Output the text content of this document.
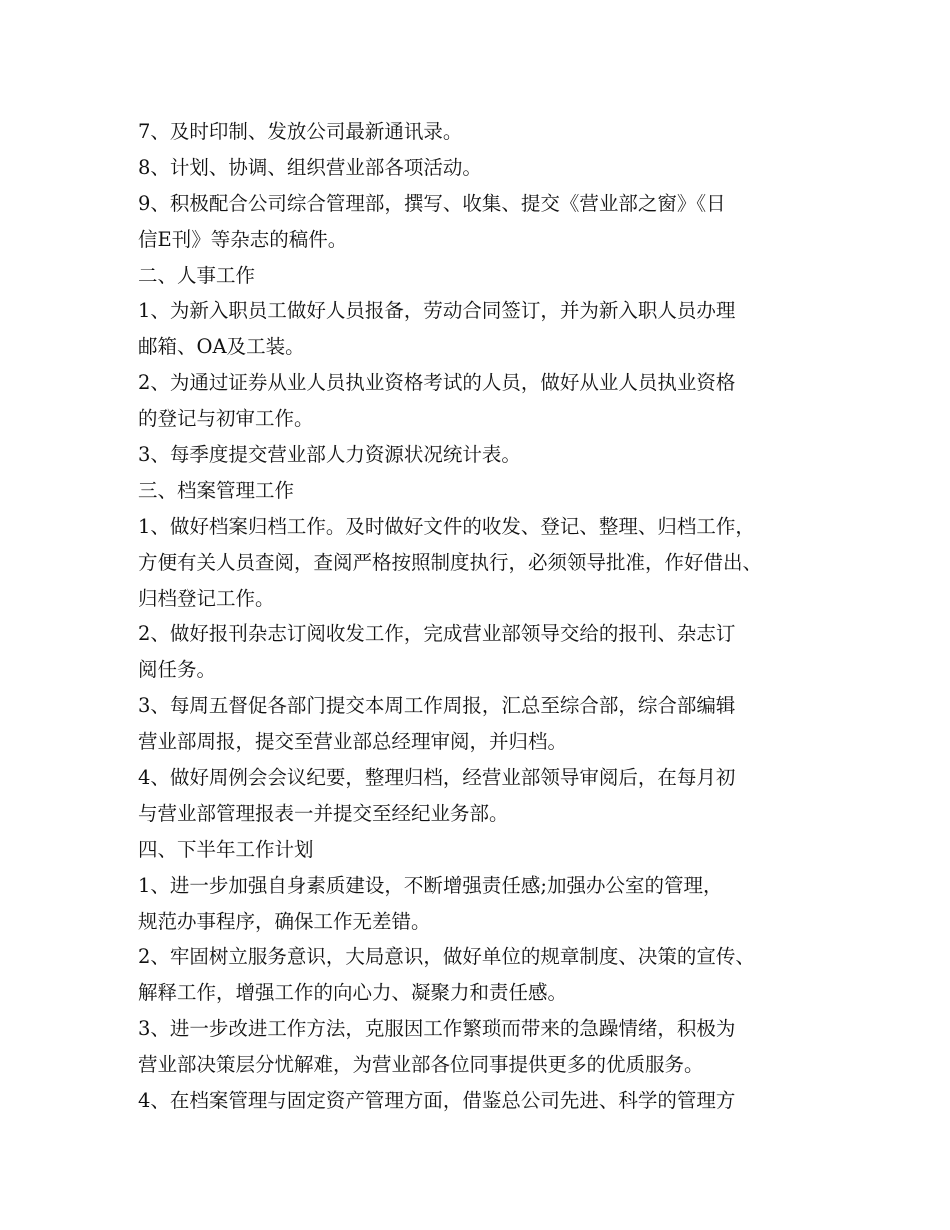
7、及时印制、发放公司最新通讯录。
8、计划、协调、组织营业部各项活动。
9、积极配合公司综合管理部，撰写、收集、提交《营业部之窗》《日
信E刊》等杂志的稿件。
二、人事工作
1、为新入职员工做好人员报备，劳动合同签订，并为新入职人员办理
邮箱、OA及工装。
2、为通过证券从业人员执业资格考试的人员，做好从业人员执业资格
的登记与初审工作。
3、每季度提交营业部人力资源状况统计表。
三、档案管理工作
1、做好档案归档工作。及时做好文件的收发、登记、整理、归档工作，
方便有关人员查阅，查阅严格按照制度执行，必须领导批准，作好借出、
归档登记工作。
2、做好报刊杂志订阅收发工作，完成营业部领导交给的报刊、杂志订
阅任务。
3、每周五督促各部门提交本周工作周报，汇总至综合部，综合部编辑
营业部周报，提交至营业部总经理审阅，并归档。
4、做好周例会会议纪要，整理归档，经营业部领导审阅后，在每月初
与营业部管理报表一并提交至经纪业务部。
四、下半年工作计划
1、进一步加强自身素质建设，不断增强责任感;加强办公室的管理，
规范办事程序，确保工作无差错。
2、牢固树立服务意识，大局意识，做好单位的规章制度、决策的宣传、
解释工作，增强工作的向心力、凝聚力和责任感。
3、进一步改进工作方法，克服因工作繁琐而带来的急躁情绪，积极为
营业部决策层分忧解难，为营业部各位同事提供更多的优质服务。
4、在档案管理与固定资产管理方面，借鉴总公司先进、科学的管理方
